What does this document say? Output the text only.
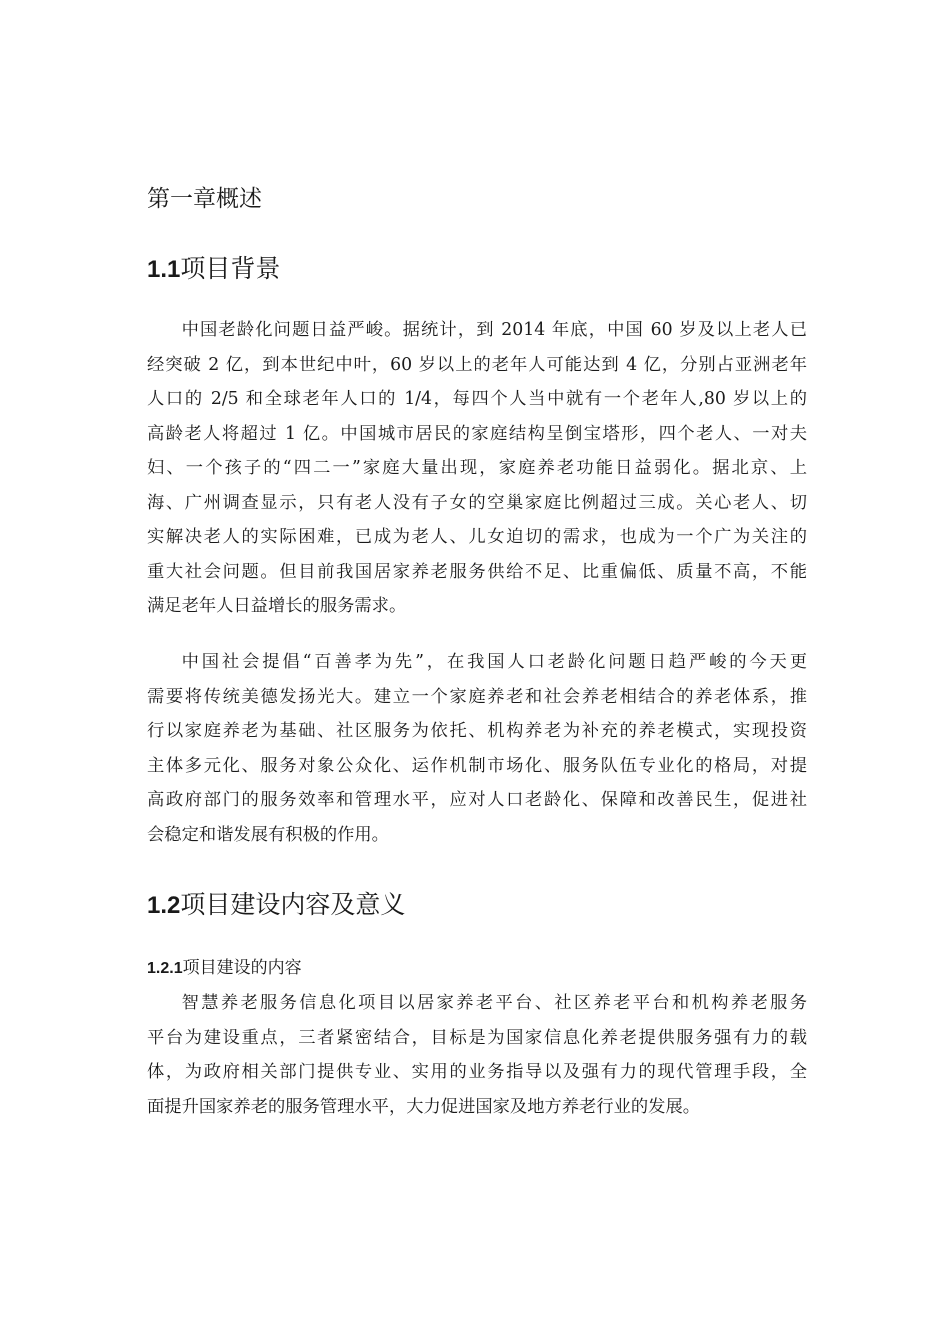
第一章概述
1.1项目背景
中国老龄化问题日益严峻。据统计，到 2014 年底，中国 60 岁及以上老人已
经突破 2 亿，到本世纪中叶，60 岁以上的老年人可能达到 4 亿，分别占亚洲老年
人口的 2/5 和全球老年人口的 1/4，每四个人当中就有一个老年人,80 岁以上的
高龄老人将超过 1 亿。中国城市居民的家庭结构呈倒宝塔形，四个老人、一对夫
妇、一个孩子的“四二一”家庭大量出现，家庭养老功能日益弱化。据北京、上
海、广州调查显示，只有老人没有子女的空巢家庭比例超过三成。关心老人、切
实解决老人的实际困难，已成为老人、儿女迫切的需求，也成为一个广为关注的
重大社会问题。但目前我国居家养老服务供给不足、比重偏低、质量不高，不能
满足老年人日益增长的服务需求。
中国社会提倡“百善孝为先”，在我国人口老龄化问题日趋严峻的今天更
需要将传统美德发扬光大。建立一个家庭养老和社会养老相结合的养老体系，推
行以家庭养老为基础、社区服务为依托、机构养老为补充的养老模式，实现投资
主体多元化、服务对象公众化、运作机制市场化、服务队伍专业化的格局，对提
高政府部门的服务效率和管理水平，应对人口老龄化、保障和改善民生，促进社
会稳定和谐发展有积极的作用。
1.2项目建设内容及意义
1.2.1项目建设的内容
智慧养老服务信息化项目以居家养老平台、社区养老平台和机构养老服务
平台为建设重点，三者紧密结合，目标是为国家信息化养老提供服务强有力的载
体，为政府相关部门提供专业、实用的业务指导以及强有力的现代管理手段，全
面提升国家养老的服务管理水平，大力促进国家及地方养老行业的发展。
